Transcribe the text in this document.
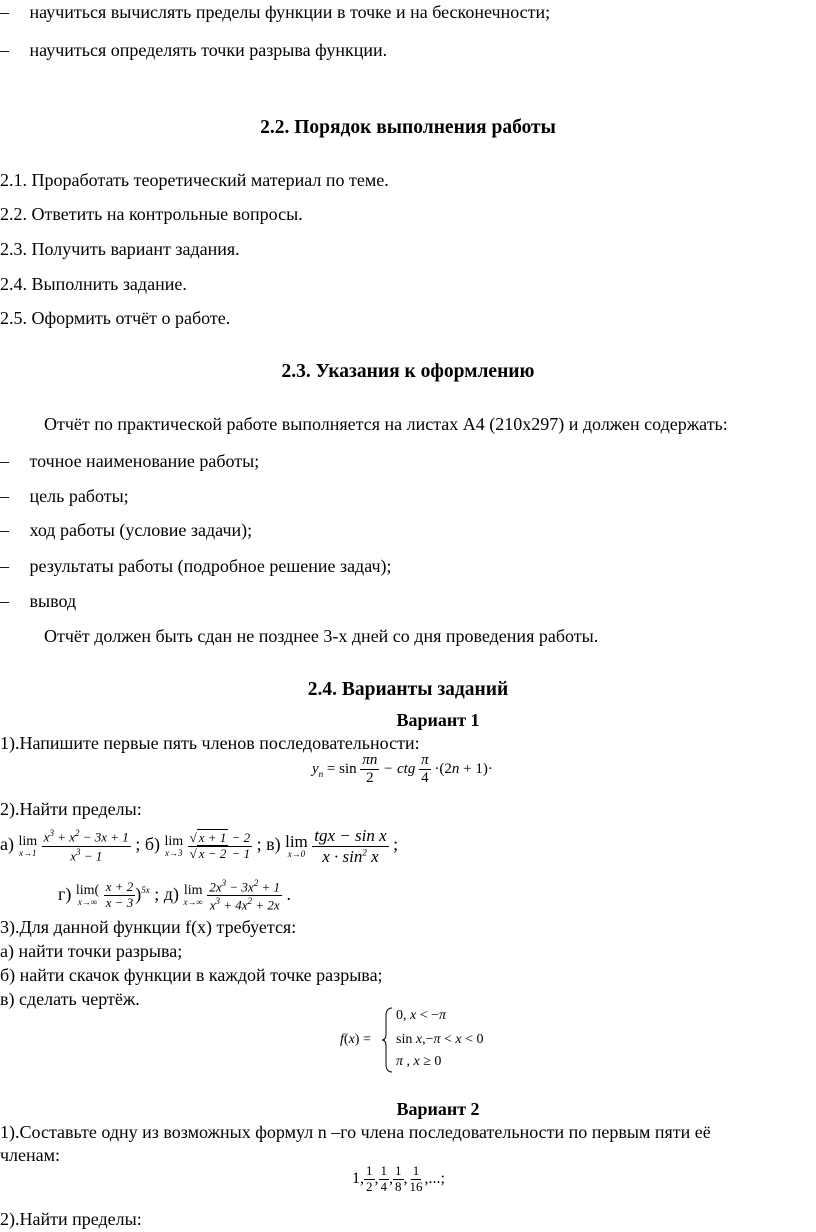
– научиться вычислять пределы функции в точке и на бесконечности;
– научиться определять точки разрыва функции.
2.2. Порядок выполнения работы
2.1. Проработать теоретический материал по теме.
2.2. Ответить на контрольные вопросы.
2.3. Получить вариант задания.
2.4. Выполнить задание.
2.5. Оформить отчёт о работе.
2.3. Указания к оформлению
Отчёт по практической работе выполняется на листах А4 (210х297) и должен содержать:
– точное наименование работы;
– цель работы;
– ход работы (условие задачи);
– результаты работы (подробное решение задач);
– вывод
Отчёт должен быть сдан не позднее 3-х дней со дня проведения работы.
2.4. Варианты заданий
Вариант 1
1).Напишите первые пять членов последовательности:
$y_n = \sin \frac{\pi n}{2}$ − ctg $\frac{\pi}{4} \cdot(2n + 1)\cdot$
2).Найти пределы:
а) lim
x→1
$\frac{x^3 + x^2 - 3x + 1}{x^3 - 1}$ ; б) lim
x→3
$\frac{√ x + 1 - 2}{√ x - 2 - 1}$ ; в) lim
x→0
$\frac{\text{tgx − sin x}}{x \cdot \sin^2 x}$ ;
г) lim(
x→∞
$\frac{x + 2}{x - 3} )^{5x}$ ; д) lim
x→∞
$\frac{2x^3 - 3x^2 + 1}{x^3 + 4x^2 + 2x}$ .
3).Для данной функции f(x) требуется:
а) найти точки разрыва;
б) найти скачок функции в каждой точке разрыва;
в) сделать чертёж.
f(x) =
0, x < −π
sin x,−π < x < 0
π , x ≥ 0
Вариант 2
1).Составьте одну из возможных формул n –го члена последовательности по первым пяти её
членам:
1, $\frac{1}{2}$ , $\frac{1}{4}$ , $\frac{1}{8}$ , $\frac{1}{16}$ ,...;
2).Найти пределы:
